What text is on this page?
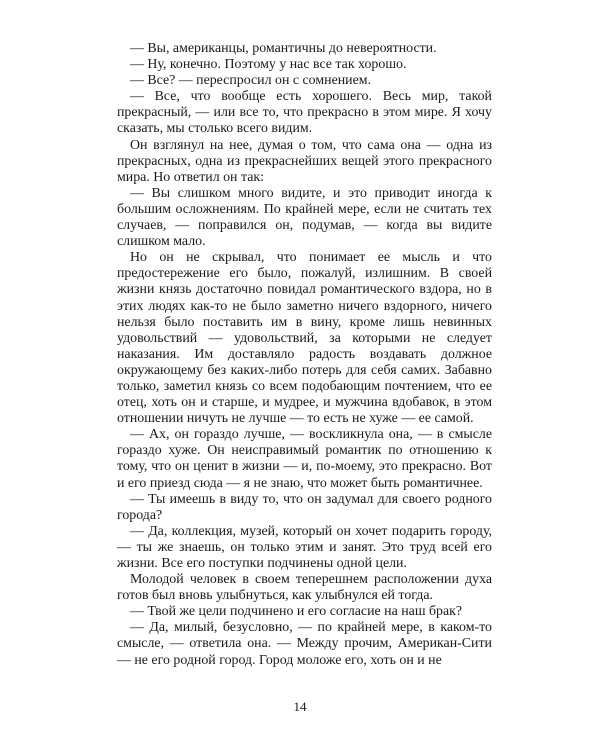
— Вы, американцы, романтичны до невероятности.

— Ну, конечно. Поэтому у нас все так хорошо.

— Все? — переспросил он с сомнением.

— Все, что вообще есть хорошего. Весь мир, такой прекрасный, — или все то, что прекрасно в этом мире. Я хочу сказать, мы столько всего видим.

Он взглянул на нее, думая о том, что сама она — одна из прекрасных, одна из прекраснейших вещей этого прекрасного мира. Но ответил он так:

— Вы слишком много видите, и это приводит иногда к большим осложнениям. По крайней мере, если не считать тех случаев, — поправился он, подумав, — когда вы видите слишком мало.

Но он не скрывал, что понимает ее мысль и что предостережение его было, пожалуй, излишним. В своей жизни князь достаточно повидал романтического вздора, но в этих людях как-то не было заметно ничего вздорного, ничего нельзя было поставить им в вину, кроме лишь невинных удовольствий — удовольствий, за которыми не следует наказания. Им доставляло радость воздавать должное окружающему без каких-либо потерь для себя самих. Забавно только, заметил князь со всем подобающим почтением, что ее отец, хоть он и старше, и мудрее, и мужчина вдобавок, в этом отношении ничуть не лучше — то есть не хуже — ее самой.

— Ах, он гораздо лучше, — воскликнула она, — в смысле гораздо хуже. Он неисправимый романтик по отношению к тому, что он ценит в жизни — и, по-моему, это прекрасно. Вот и его приезд сюда — я не знаю, что может быть романтичнее.

— Ты имеешь в виду то, что он задумал для своего родного города?

— Да, коллекция, музей, который он хочет подарить городу, — ты же знаешь, он только этим и занят. Это труд всей его жизни. Все его поступки подчинены одной цели.

Молодой человек в своем теперешнем расположении духа готов был вновь улыбнуться, как улыбнулся ей тогда.

— Твой же цели подчинено и его согласие на наш брак?

— Да, милый, безусловно, — по крайней мере, в каком-то смысле, — ответила она. — Между прочим, Американ-Сити — не его родной город. Город моложе его, хоть он и не

14
